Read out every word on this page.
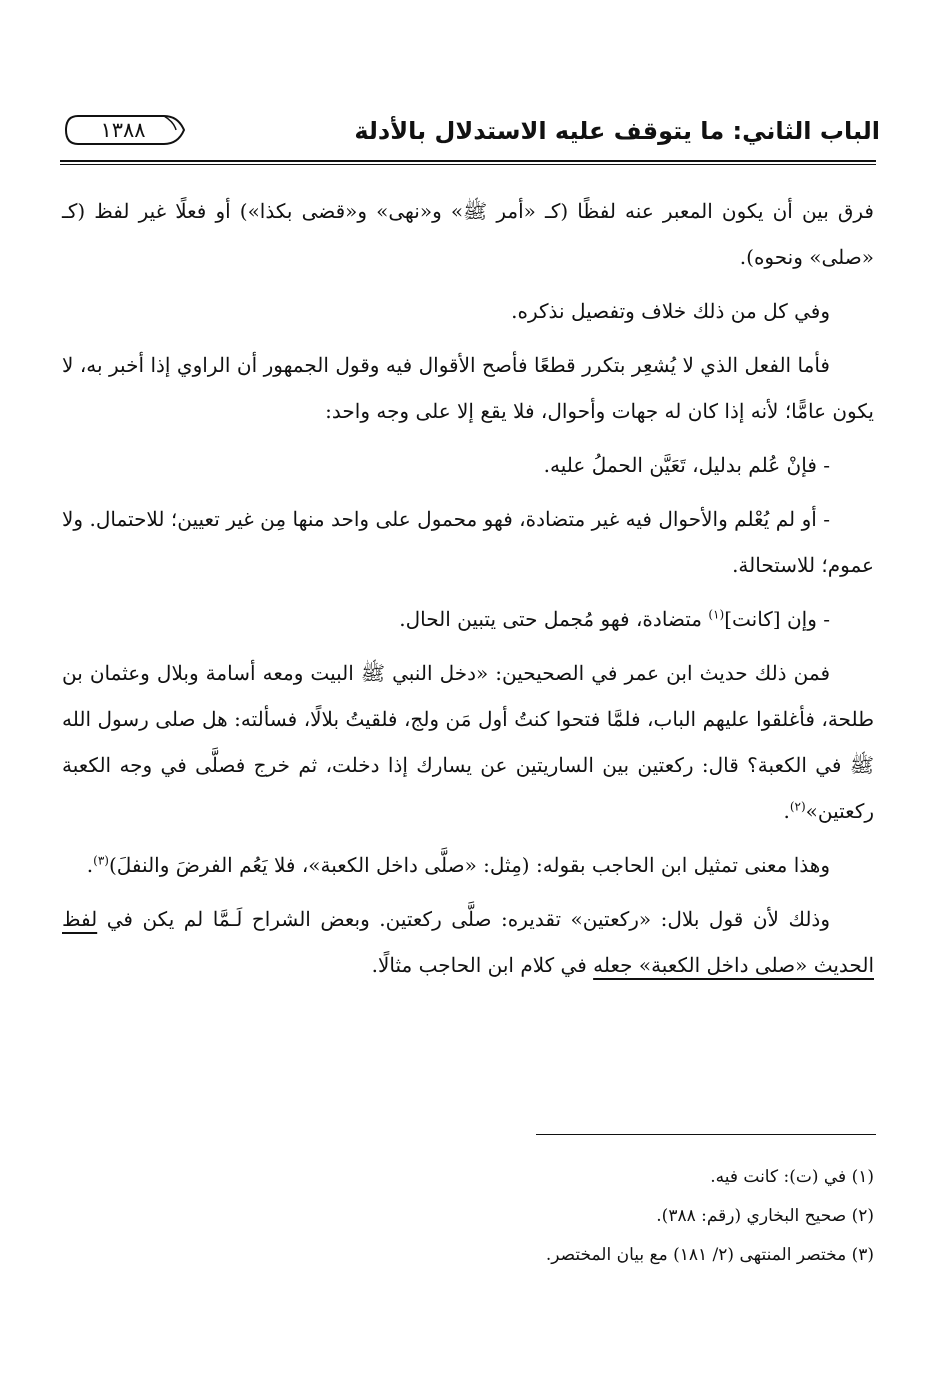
الباب الثاني: ما يتوقف عليه الاستدلال بالأدلة
١٣٨٨

فرق بين أن يكون المعبر عنه لفظًا (كـ «أمر ﷺ» و«نهى» و«قضى بكذا») أو فعلًا غير لفظ (كـ «صلى» ونحوه).

وفي كل من ذلك خلاف وتفصيل نذكره.

فأما الفعل الذي لا يُشعِر بتكرر قطعًا فأصح الأقوال فيه وقول الجمهور أن الراوي إذا أخبر به، لا يكون عامًّا؛ لأنه إذا كان له جهات وأحوال، فلا يقع إلا على وجه واحد:

- فإنْ عُلم بدليل، تَعَيَّن الحملُ عليه.

- أو لم يُعْلم والأحوال فيه غير متضادة، فهو محمول على واحد منها مِن غير تعيين؛ للاحتمال. ولا عموم؛ للاستحالة.

- وإن [كانت]$^{(١)}$ متضادة، فهو مُجمل حتى يتبين الحال.

فمن ذلك حديث ابن عمر في الصحيحين: «دخل النبي ﷺ البيت ومعه أسامة وبلال وعثمان بن طلحة، فأغلقوا عليهم الباب، فلمَّا فتحوا كنتُ أول مَن ولج، فلقيتُ بلالًا، فسألته: هل صلى رسول الله ﷺ في الكعبة؟ قال: ركعتين بين الساريتين عن يسارك إذا دخلت، ثم خرج فصلَّى في وجه الكعبة ركعتين»$^{(٢)}$.

وهذا معنى تمثيل ابن الحاجب بقوله: (مِثل: «صلَّى داخل الكعبة»، فلا يَعُم الفرضَ والنفلَ)$^{(٣)}$.

وذلك لأن قول بلال: «ركعتين» تقديره: صلَّى ركعتين. وبعض الشراح لَـمَّا لم يكن في لفظ الحديث «صلى داخل الكعبة» جعله في كلام ابن الحاجب مثالًا.

(١) في (ت): كانت فيه.

(٢) صحيح البخاري (رقم: ٣٨٨).

(٣) مختصر المنتهى (٢/ ١٨١) مع بيان المختصر.
